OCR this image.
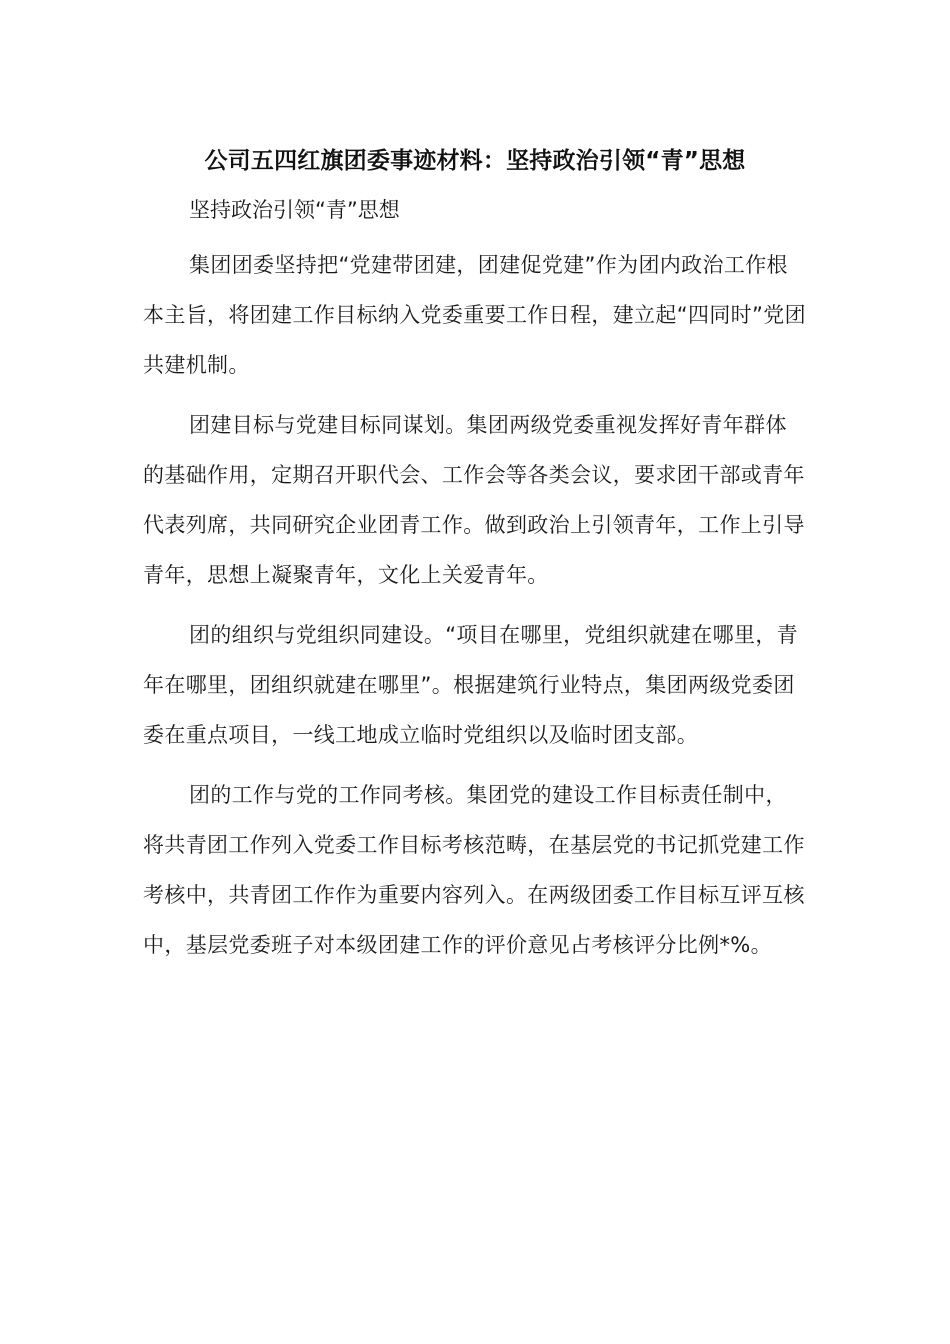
公司五四红旗团委事迹材料：坚持政治引领“青”思想

坚持政治引领“青”思想

集团团委坚持把“党建带团建，团建促党建”作为团内政治工作根本主旨，将团建工作目标纳入党委重要工作日程，建立起“四同时”党团共建机制。

团建目标与党建目标同谋划。集团两级党委重视发挥好青年群体的基础作用，定期召开职代会、工作会等各类会议，要求团干部或青年代表列席，共同研究企业团青工作。做到政治上引领青年，工作上引导青年，思想上凝聚青年，文化上关爱青年。

团的组织与党组织同建设。“项目在哪里，党组织就建在哪里，青年在哪里，团组织就建在哪里”。根据建筑行业特点，集团两级党委团委在重点项目，一线工地成立临时党组织以及临时团支部。

团的工作与党的工作同考核。集团党的建设工作目标责任制中，将共青团工作列入党委工作目标考核范畴，在基层党的书记抓党建工作考核中，共青团工作作为重要内容列入。在两级团委工作目标互评互核中，基层党委班子对本级团建工作的评价意见占考核评分比例*%。
